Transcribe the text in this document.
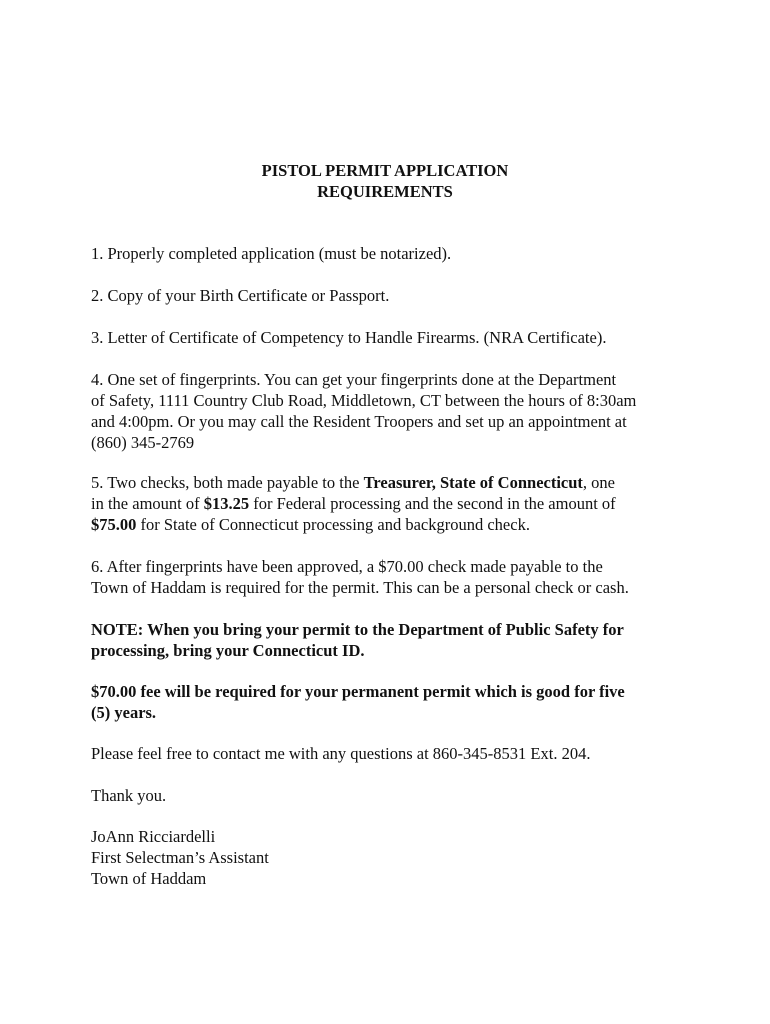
PISTOL PERMIT APPLICATION
REQUIREMENTS

1. Properly completed application (must be notarized).

2. Copy of your Birth Certificate or Passport.

3. Letter of Certificate of Competency to Handle Firearms. (NRA Certificate).

4. One set of fingerprints. You can get your fingerprints done at the Department
of Safety, 1111 Country Club Road, Middletown, CT between the hours of 8:30am
and 4:00pm. Or you may call the Resident Troopers and set up an appointment at
(860) 345-2769
5. Two checks, both made payable to the Treasurer, State of Connecticut, one
in the amount of $13.25 for Federal processing and the second in the amount of
$75.00 for State of Connecticut processing and background check.
6. After fingerprints have been approved, a $70.00 check made payable to the
Town of Haddam is required for the permit. This can be a personal check or cash.
NOTE: When you bring your permit to the Department of Public Safety for
processing, bring your Connecticut ID.
$70.00 fee will be required for your permanent permit which is good for five
(5) years.

Please feel free to contact me with any questions at 860-345-8531 Ext. 204.

Thank you.

JoAnn Ricciardelli
First Selectman’s Assistant
Town of Haddam
